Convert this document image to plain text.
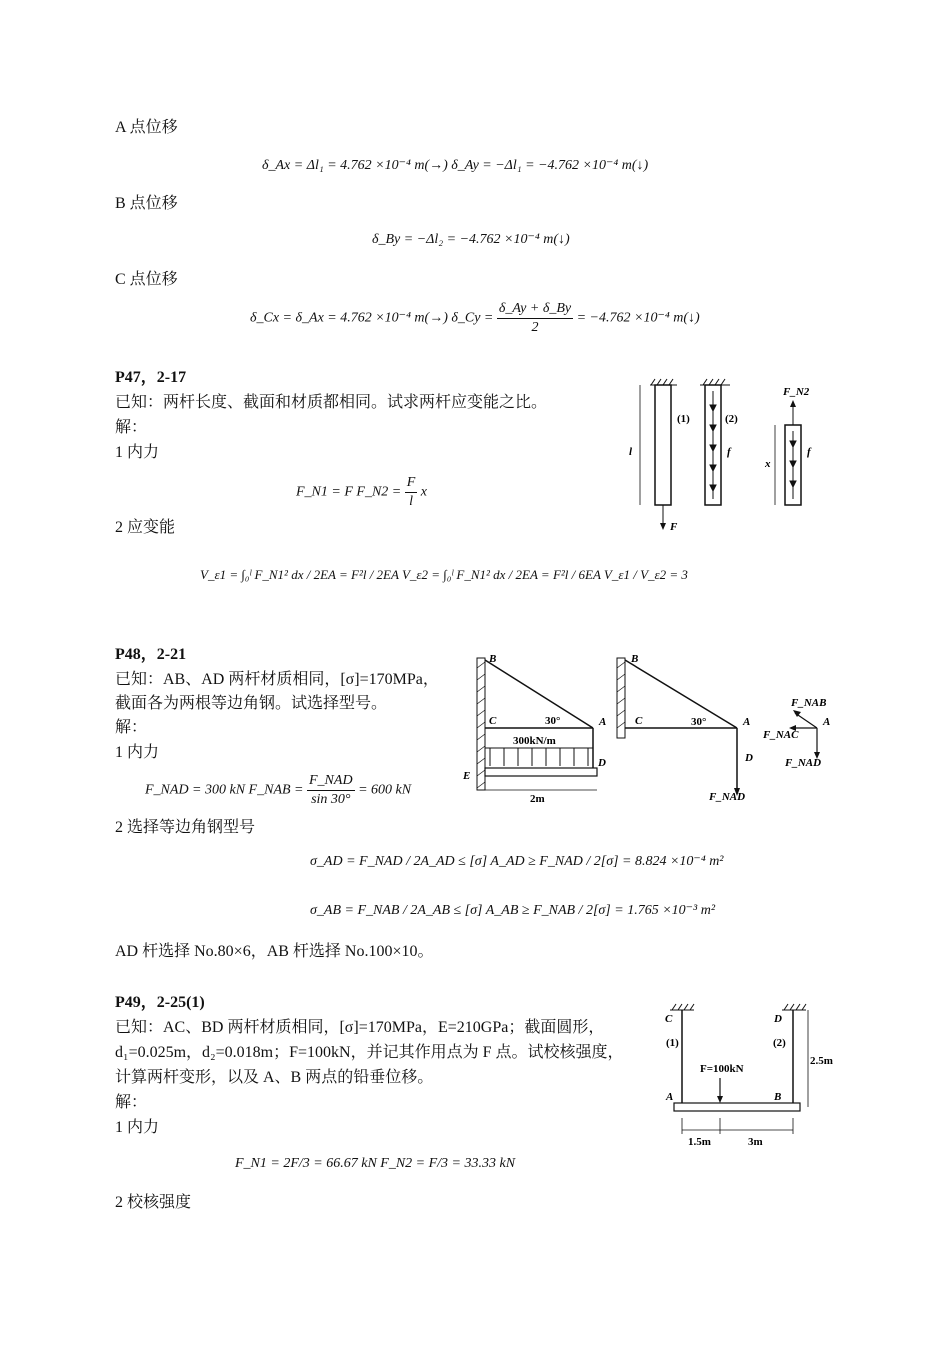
A 点位移
δ_Ax = Δl₁ = 4.762 ×10⁻⁴ m(→) δ_Ay = −Δl₁ = −4.762 ×10⁻⁴ m(↓)
B 点位移
δ_By = −Δl₂ = −4.762 ×10⁻⁴ m(↓)
C 点位移
δ_Cx = δ_Ax = 4.762 ×10⁻⁴ m(→) δ_Cy = $\frac{\delta\_Ay + \delta\_By}{2} = -4.762 \times 10^{-4}$ m(↓)
P47，2-17
已知：两杆长度、截面和材质都相同。试求两杆应变能之比。
解：
1 内力
F_N1 = F F_N2 = $\frac{F}{l}$ x
2 应变能
V_ε1 = ∫₀ˡ F_N1² dx / 2EA = F²l / 2EA V_ε2 = ∫₀ˡ F_N1² dx / 2EA = F²l / 6EA V_ε1 / V_ε2 = 3
l	f
x
f
F
F_N2
(1)	(2)
P48，2-21
已知：AB、AD 两杆材质相同，[σ]=170MPa，
截面各为两根等边角钢。试选择型号。
解：
1 内力
F_NAD = 300 kN F_NAB = $\frac{\text{F\_NAD}}{\sin 30^\circ} = 600$ kN
2 选择等边角钢型号
σ_AD = F_NAD / 2A_AD ≤ [σ] A_AD ≥ F_NAD / 2[σ] = 8.824 ×10⁻⁴ m²
σ_AB = F_NAB / 2A_AB ≤ [σ] A_AB ≥ F_NAB / 2[σ] = 1.765 ×10⁻³ m²
AD 杆选择 No.80×6，AB 杆选择 No.100×10。
B
C	A
D
E
30°
300kN/m
2m
B
C	A
D
30°
F_NAD
F_NAB
F_NAC
A
F_NAD
P49，2-25(1)
已知：AC、BD 两杆材质相同，[σ]=170MPa，E=210GPa；截面圆形，
d₁=0.025m，d₂=0.018m；F=100kN，并记其作用点为 F 点。试校核强度，
计算两杆变形，以及 A、B 两点的铅垂位移。
解：
1 内力
F_N1 = 2F/3 = 66.67 kN F_N2 = F/3 = 33.33 kN
2 校核强度
C	D
(1)	(2)
F=100kN
2.5m
A	B
1.5m	3m
